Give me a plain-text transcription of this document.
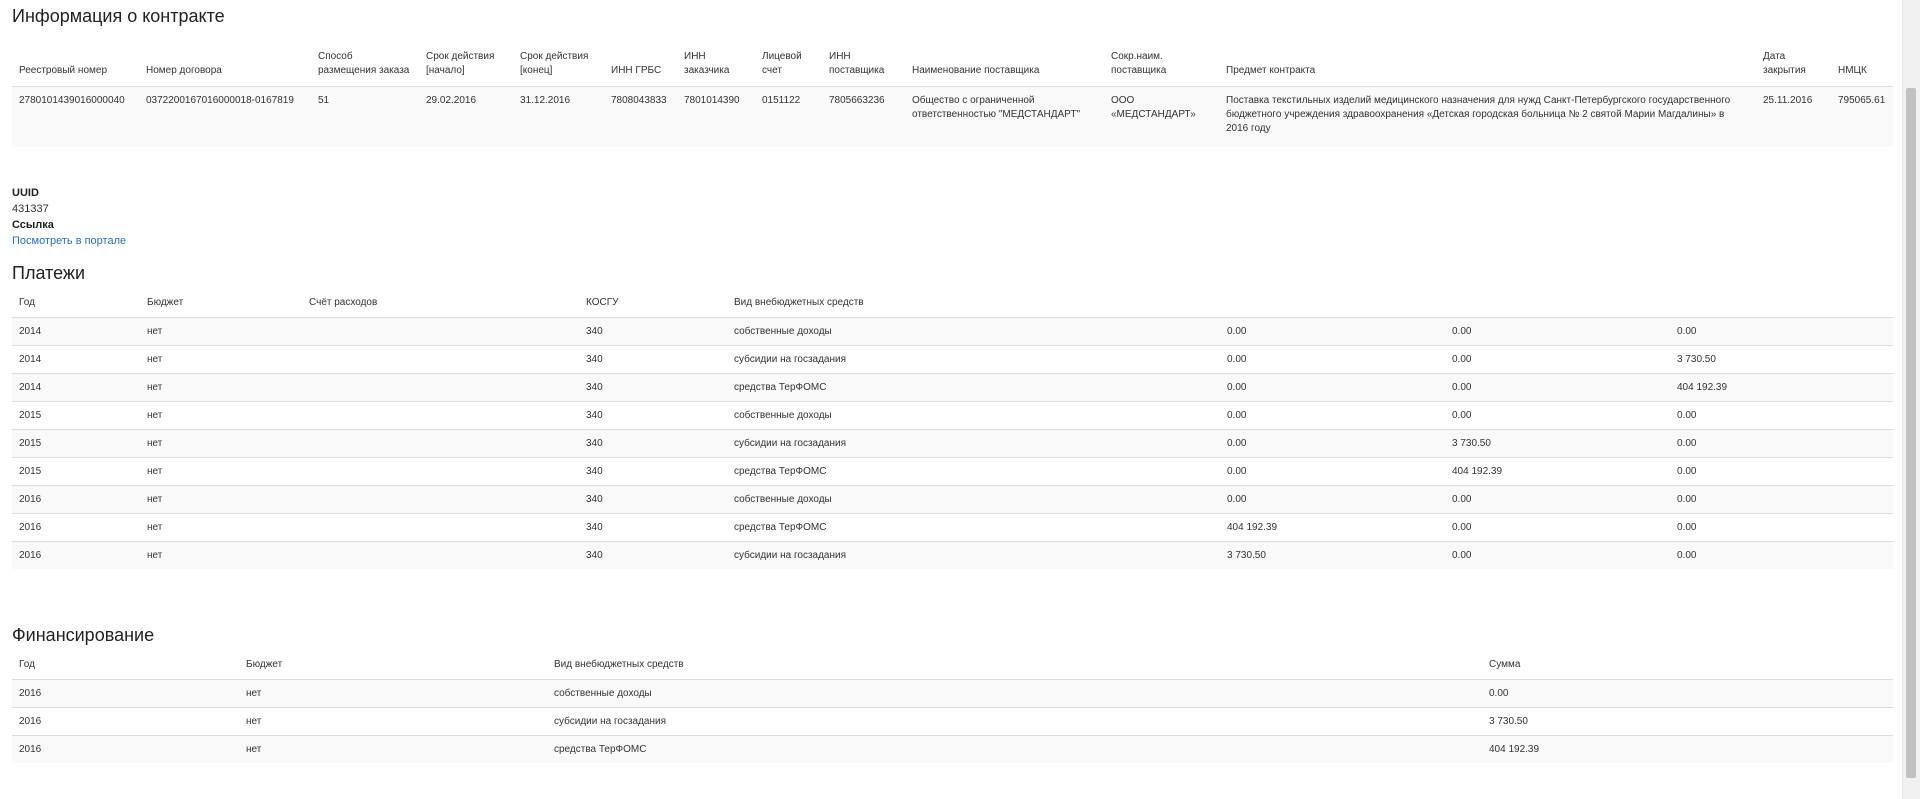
Информация о контракте
Реестровый номер	Номер договора	Способ размещения заказа	Срок действия [начало]	Срок действия [конец]	ИНН ГРБС	ИНН заказчика	Лицевой счет	ИНН поставщика	Наименование поставщика	Сокр.наим. поставщика	Предмет контракта	Дата закрытия	НМЦК
2780101439016000040	0372200167016000018-0167819	51	29.02.2016	31.12.2016	7808043833	7801014390	0151122	7805663236	Общество с ограниченной ответственностью "МЕДСТАНДАРТ"	ООО «МЕДСТАНДАРТ»	Поставка текстильных изделий медицинского назначения для нужд Санкт-Петербургского государственного бюджетного учреждения здравоохранения «Детская городская больница № 2 святой Марии Магдалины» в 2016 году	25.11.2016	795065.61
UUID
431337
Ссылка
Посмотреть в портале
Платежи
Год	Бюджет	Счёт расходов	КОСГУ	Вид внебюджетных средств			
2014	нет		340	собственные доходы	0.00	0.00	0.00
2014	нет		340	субсидии на госзадания	0.00	0.00	3 730.50
2014	нет		340	средства ТерФОМС	0.00	0.00	404 192.39
2015	нет		340	собственные доходы	0.00	0.00	0.00
2015	нет		340	субсидии на госзадания	0.00	3 730.50	0.00
2015	нет		340	средства ТерФОМС	0.00	404 192.39	0.00
2016	нет		340	собственные доходы	0.00	0.00	0.00
2016	нет		340	средства ТерФОМС	404 192.39	0.00	0.00
2016	нет		340	субсидии на госзадания	3 730.50	0.00	0.00
Финансирование
Год	Бюджет	Вид внебюджетных средств	Сумма
2016	нет	собственные доходы	0.00
2016	нет	субсидии на госзадания	3 730.50
2016	нет	средства ТерФОМС	404 192.39
